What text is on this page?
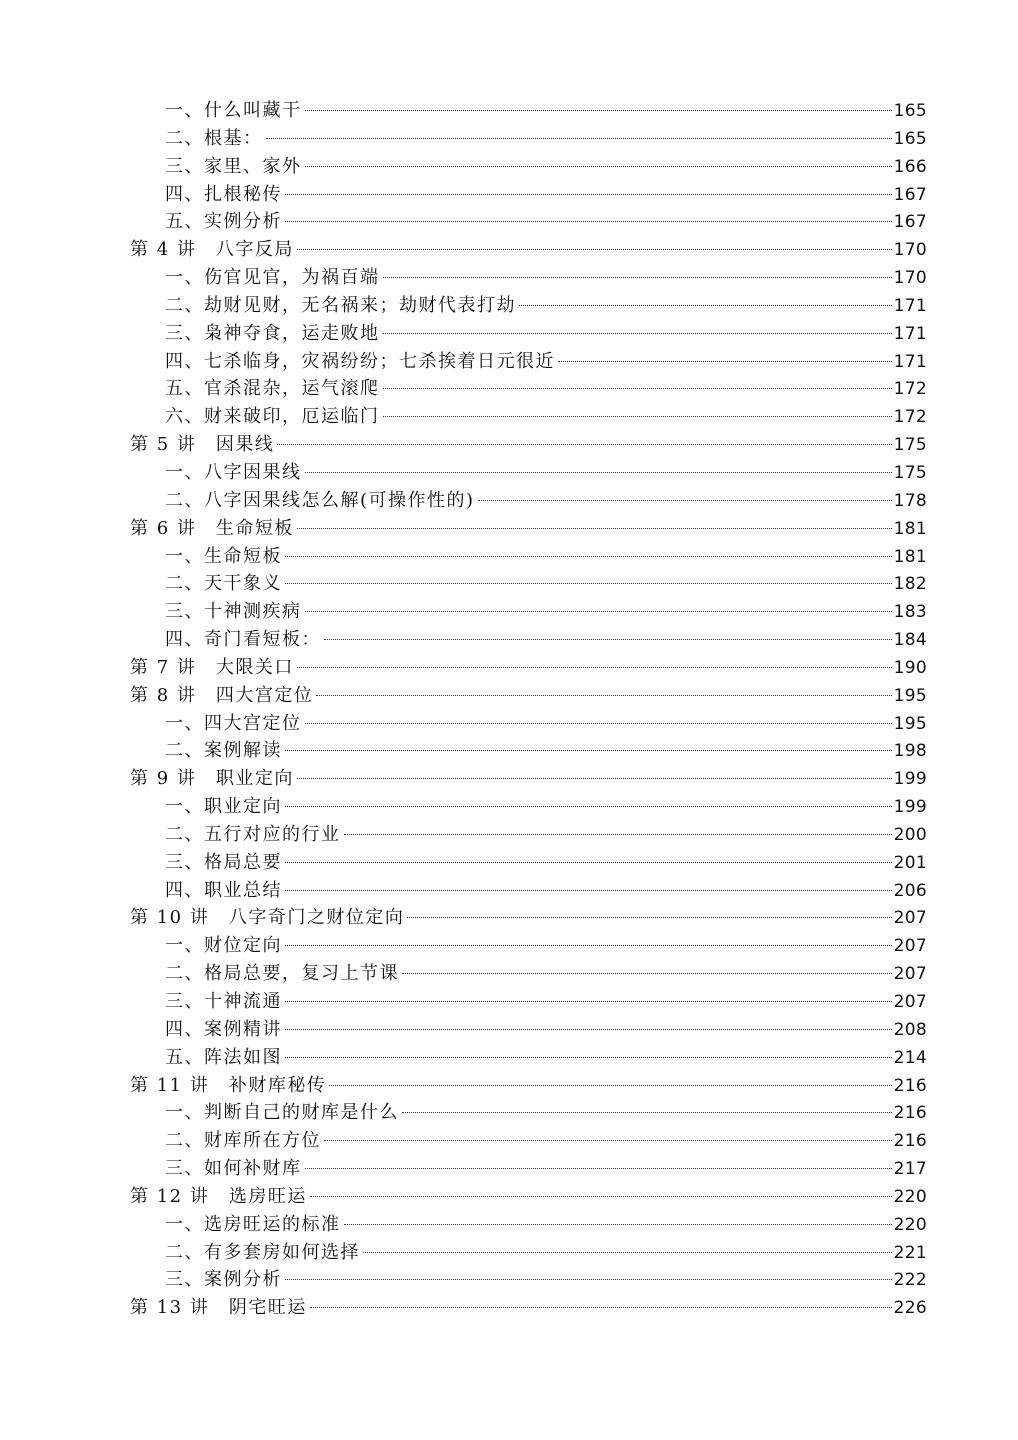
一、什么叫藏干	165
二、根基：	165
三、家里、家外	166
四、扎根秘传	167
五、实例分析	167
第 4 讲　八字反局	170
一、伤官见官，为祸百端	170
二、劫财见财，无名祸来；劫财代表打劫	171
三、枭神夺食，运走败地	171
四、七杀临身，灾祸纷纷；七杀挨着日元很近	171
五、官杀混杂，运气滚爬	172
六、财来破印，厄运临门	172
第 5 讲　因果线	175
一、八字因果线	175
二、八字因果线怎么解(可操作性的)	178
第 6 讲　生命短板	181
一、生命短板	181
二、天干象义	182
三、十神测疾病	183
四、奇门看短板：	184
第 7 讲　大限关口	190
第 8 讲　四大宫定位	195
一、四大宫定位	195
二、案例解读	198
第 9 讲　职业定向	199
一、职业定向	199
二、五行对应的行业	200
三、格局总要	201
四、职业总结	206
第 10 讲　八字奇门之财位定向	207
一、财位定向	207
二、格局总要，复习上节课	207
三、十神流通	207
四、案例精讲	208
五、阵法如图	214
第 11 讲　补财库秘传	216
一、判断自己的财库是什么	216
二、财库所在方位	216
三、如何补财库	217
第 12 讲　选房旺运	220
一、选房旺运的标准	220
二、有多套房如何选择	221
三、案例分析	222
第 13 讲　阴宅旺运	226
